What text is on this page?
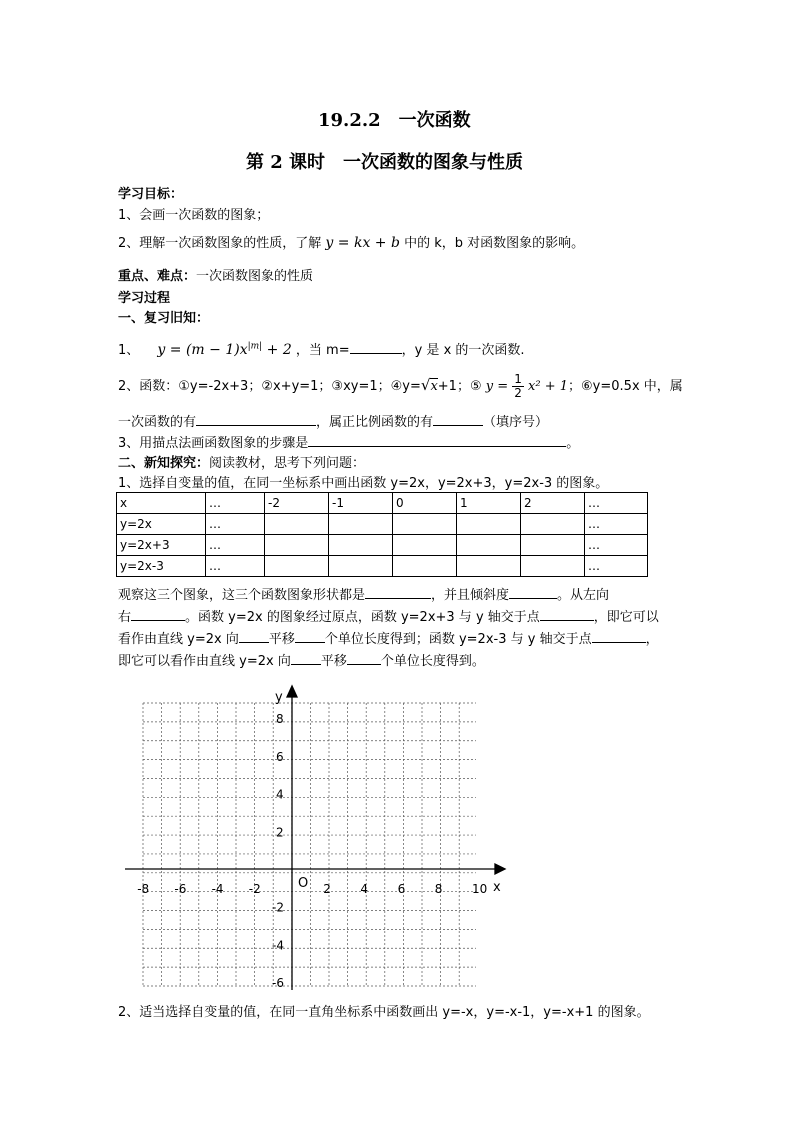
19.2.2　一次函数
第 2 课时　一次函数的图象与性质
学习目标：
1、会画一次函数的图象；
2、理解一次函数图象的性质，了解 y = kx + b 中的 k，b 对函数图象的影响。
重点、难点：一次函数图象的性质
学习过程
一、复习旧知：
1、 $y = (m - 1)x^{|m|} + 2$ ，当 m=	，y 是 x 的一次函数.
2、函数：①y=-2x+3；②x+y=1；③xy=1；④y=√x+1；⑤ $y = \frac{1}{2} x^2 + 1$；⑥y=0.5x 中，属
一次函数的有	，属正比例函数的有	（填序号）
3、用描点法画函数图象的步骤是	。
二、新知探究：阅读教材，思考下列问题：
1、选择自变量的值，在同一坐标系中画出函数 y=2x，y=2x+3，y=2x-3 的图象。
x	…	-2	-1	0	1	2	…
y=2x	…						…
y=2x+3	…						…
y=2x-3	…						…
观察这三个图象，这三个函数图象形状都是	，并且倾斜度	。从左向
右	。函数 y=2x 的图象经过原点，函数 y=2x+3 与 y 轴交于点	，即它可以
看作由直线 y=2x 向 平移 个单位长度得到；函数 y=2x-3 与 y 轴交于点	，
即它可以看作由直线 y=2x 向 平移	个单位长度得到。
-8 -6 -4 -2	2 4 6 8 10
8
6
4
2
-2
-4
-6
x
y
O
2、适当选择自变量的值，在同一直角坐标系中函数画出 y=-x，y=-x-1，y=-x+1 的图象。
